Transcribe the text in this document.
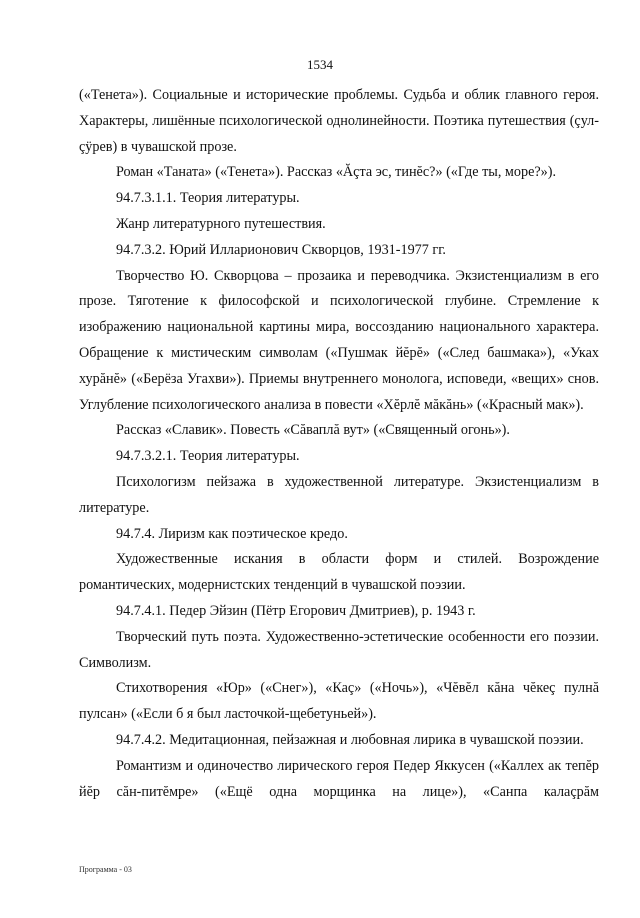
1534

(«Тенета»). Социальные и исторические проблемы. Судьба и облик главного героя. Характеры, лишённые психологической однолинейности. Поэтика путешествия (çул-çÿрев) в чувашской прозе.

Роман «Таната» («Тенета»). Рассказ «Ăçта эс, тинĕс?» («Где ты, море?»).

94.7.3.1.1. Теория литературы.

Жанр литературного путешествия.

94.7.3.2. Юрий Илларионович Скворцов, 1931-1977 гг.

Творчество Ю. Скворцова – прозаика и переводчика. Экзистенциализм в его прозе. Тяготение к философской и психологической глубине. Стремление к изображению национальной картины мира, воссозданию национального характера. Обращение к мистическим символам («Пушмак йĕрĕ» («След башмака»), «Уках хурăнĕ» («Берёза Угахви»). Приемы внутреннего монолога, исповеди, «вещих» снов. Углубление психологического анализа в повести «Хĕрлĕ мăкăнь» («Красный мак»).

Рассказ «Славик». Повесть «Сăваплă вут» («Священный огонь»).

94.7.3.2.1. Теория литературы.

Психологизм пейзажа в художественной литературе. Экзистенциализм в литературе.

94.7.4. Лиризм как поэтическое кредо.

Художественные искания в области форм и стилей. Возрождение романтических, модернистских тенденций в чувашской поэзии.

94.7.4.1. Педер Эйзин (Пётр Егорович Дмитриев), р. 1943 г.

Творческий путь поэта. Художественно-эстетические особенности его поэзии. Символизм.

Стихотворения «Юр» («Снег»), «Каç» («Ночь»), «Чĕвĕл кăна чĕкеç пулнă пулсан» («Если б я был ласточкой-щебетуньей»).

94.7.4.2. Медитационная, пейзажная и любовная лирика в чувашской поэзии.

Романтизм и одиночество лирического героя Педер Яккусен («Каллех ак тепĕр йĕр сăн-питĕмре» («Ещё одна морщинка на лице»), «Санпа калаçрăм

Программа - 03
